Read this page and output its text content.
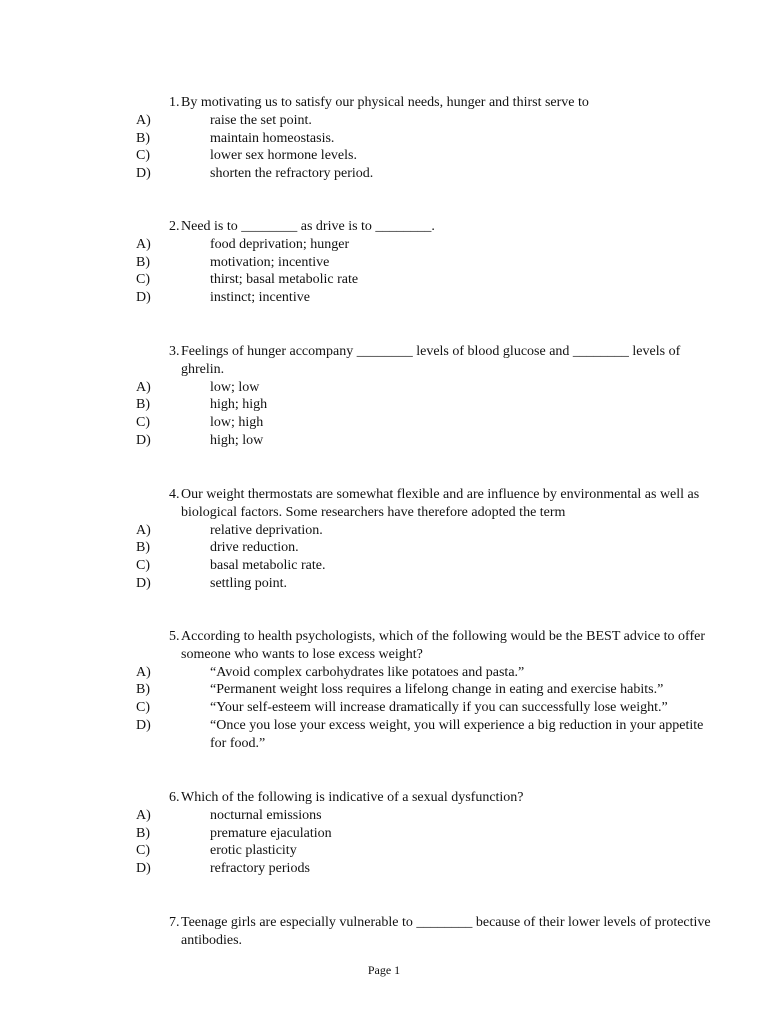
1. By motivating us to satisfy our physical needs, hunger and thirst serve to
A)	raise the set point.
B)	maintain homeostasis.
C)	lower sex hormone levels.
D)	shorten the refractory period.
2. Need is to ________ as drive is to ________.
A)	food deprivation; hunger
B)	motivation; incentive
C)	thirst; basal metabolic rate
D)	instinct; incentive
3. Feelings of hunger accompany ________ levels of blood glucose and ________ levels of ghrelin.
A)	low; low
B)	high; high
C)	low; high
D)	high; low
4. Our weight thermostats are somewhat flexible and are influence by environmental as well as biological factors. Some researchers have therefore adopted the term
A)	relative deprivation.
B)	drive reduction.
C)	basal metabolic rate.
D)	settling point.
5. According to health psychologists, which of the following would be the BEST advice to offer someone who wants to lose excess weight?
A)	“Avoid complex carbohydrates like potatoes and pasta.”
B)	“Permanent weight loss requires a lifelong change in eating and exercise habits.”
C)	“Your self-esteem will increase dramatically if you can successfully lose weight.”
D)	“Once you lose your excess weight, you will experience a big reduction in your appetite for food.”
6. Which of the following is indicative of a sexual dysfunction?
A)	nocturnal emissions
B)	premature ejaculation
C)	erotic plasticity
D)	refractory periods
7. Teenage girls are especially vulnerable to ________ because of their lower levels of protective antibodies.
Page 1
